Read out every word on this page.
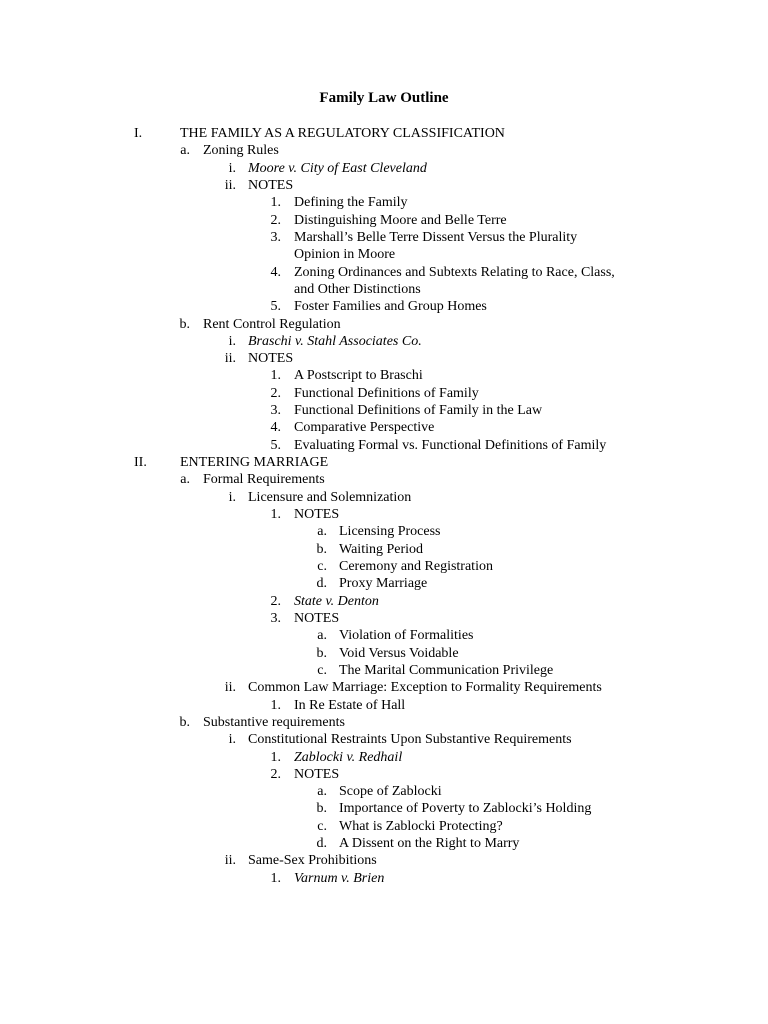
Family Law Outline
I.	THE FAMILY AS A REGULATORY CLASSIFICATION
a. Zoning Rules
i. Moore v. City of East Cleveland
ii. NOTES
1. Defining the Family
2. Distinguishing Moore and Belle Terre
3. Marshall’s Belle Terre Dissent Versus the Plurality
Opinion in Moore
4. Zoning Ordinances and Subtexts Relating to Race, Class,
and Other Distinctions
5. Foster Families and Group Homes
b. Rent Control Regulation
i. Braschi v. Stahl Associates Co.
ii. NOTES
1. A Postscript to Braschi
2. Functional Definitions of Family
3. Functional Definitions of Family in the Law
4. Comparative Perspective
5. Evaluating Formal vs. Functional Definitions of Family
II.	ENTERING MARRIAGE
a. Formal Requirements
i. Licensure and Solemnization
1. NOTES
a. Licensing Process
b. Waiting Period
c. Ceremony and Registration
d. Proxy Marriage
2. State v. Denton
3. NOTES
a. Violation of Formalities
b. Void Versus Voidable
c. The Marital Communication Privilege
ii. Common Law Marriage: Exception to Formality Requirements
1. In Re Estate of Hall
b. Substantive requirements
i. Constitutional Restraints Upon Substantive Requirements
1. Zablocki v. Redhail
2. NOTES
a. Scope of Zablocki
b. Importance of Poverty to Zablocki’s Holding
c. What is Zablocki Protecting?
d. A Dissent on the Right to Marry
ii. Same-Sex Prohibitions
1. Varnum v. Brien
